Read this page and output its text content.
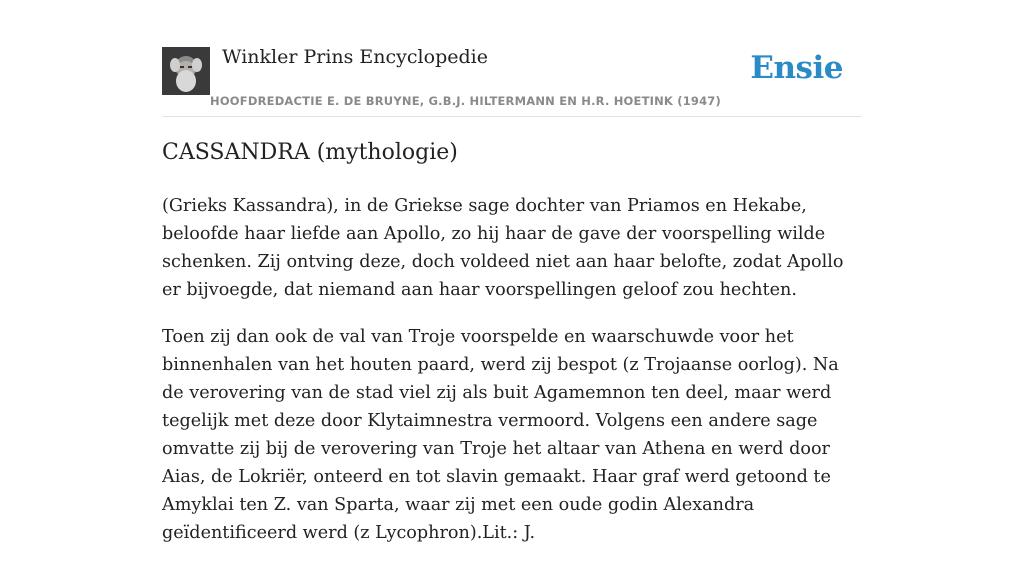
Winkler Prins Encyclopedie
HOOFDREDACTIE E. DE BRUYNE, G.B.J. HILTERMANN EN H.R. HOETINK (1947)
Ensie
CASSANDRA (mythologie)

(Grieks Kassandra), in de Griekse sage dochter van Priamos en Hekabe, beloofde haar liefde aan Apollo, zo hij haar de gave der voorspelling wilde schenken. Zij ontving deze, doch voldeed niet aan haar belofte, zodat Apollo er bijvoegde, dat niemand aan haar voorspellingen geloof zou hechten.

Toen zij dan ook de val van Troje voorspelde en waarschuwde voor het binnenhalen van het houten paard, werd zij bespot (z Trojaanse oorlog). Na de verovering van de stad viel zij als buit Agamemnon ten deel, maar werd tegelijk met deze door Klytaimnestra vermoord. Volgens een andere sage omvatte zij bij de verovering van Troje het altaar van Athena en werd door Aias, de Lokriër, onteerd en tot slavin gemaakt. Haar graf werd getoond te Amyklai ten Z. van Sparta, waar zij met een oude godin Alexandra geïdentificeerd werd (z Lycophron).Lit.: J.
